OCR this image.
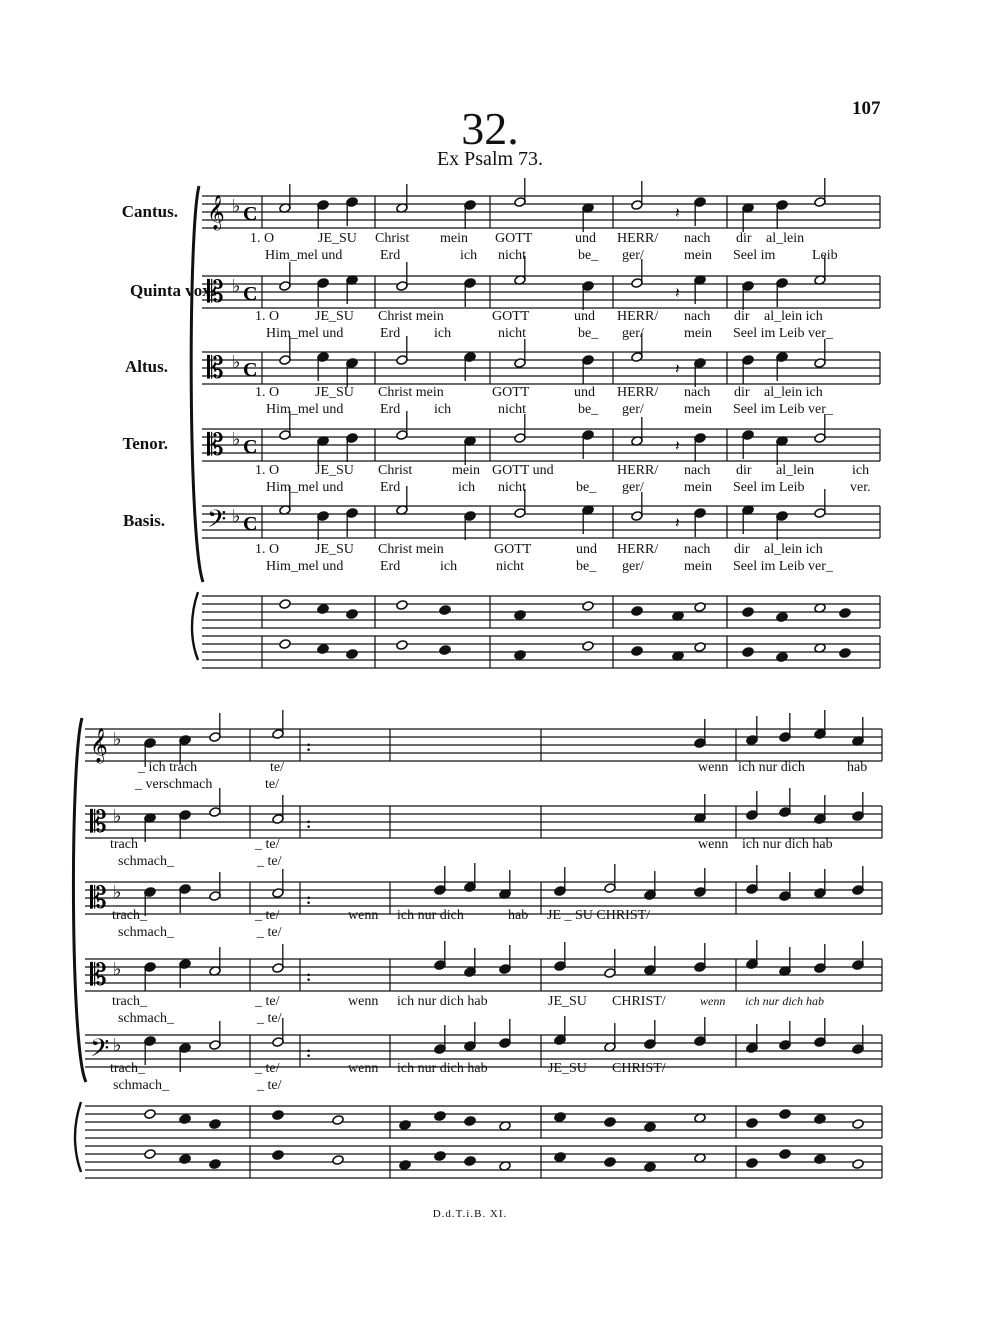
107
32.
Ex Psalm 73.
D.d.T.i.B. XI.
Cantus.
Quinta vox.
Altus.
Tenor.
Basis.
𝄞 ♭ C	𝄽
𝄡 ♭ C	𝄽
𝄡 ♭ C	𝄽
𝄡 ♭ C	𝄽
𝄢 ♭ C	𝄽
𝄞 ♭	:
𝄡 ♭	:
𝄡 ♭	:
𝄡 ♭	:
𝄢 ♭	:
1. O	JE_SU Christ mein GOTT	und HERR/ nach dir al_lein
Him_mel und	Erd	ich nicht	be_ ger/	mein Seel im	Leib
1. O	JE_SU Christ mein	GOTT	und HERR/ nach dir al_lein ich
Him_mel und	Erd ich	nicht	be_ ger/	mein Seel im Leib ver_
1. O	JE_SU Christ mein	GOTT	und HERR/ nach dir al_lein ich
Him_mel und	Erd ich	nicht	be_ ger/	mein Seel im Leib ver_
1. O	JE_SU Christ	mein GOTT und	HERR/ nach dir al_lein	ich
Him_mel und	Erd	ich nicht	be_ ger/	mein Seel im Leib	ver.
1. O	JE_SU Christ mein	GOTT	und HERR/ nach dir al_lein ich
Him_mel und	Erd	ich	nicht	be_ ger/	mein Seel im Leib ver_
_ ich trach	te/	wenn ich nur dich	hab
_ verschmach	te/
trach	_ te/	wenn ich nur dich hab
schmach_	_ te/
trach_	_ te/	wenn ich nur dich	hab JE _ SU CHRIST/
schmach_	_ te/
trach_	_ te/	wenn ich nur dich hab	JE_SU CHRIST/	wenn ich nur dich hab
schmach_	_ te/
trach_	_ te/	wenn ich nur dich hab	JE_SU CHRIST/
schmach_	_ te/
